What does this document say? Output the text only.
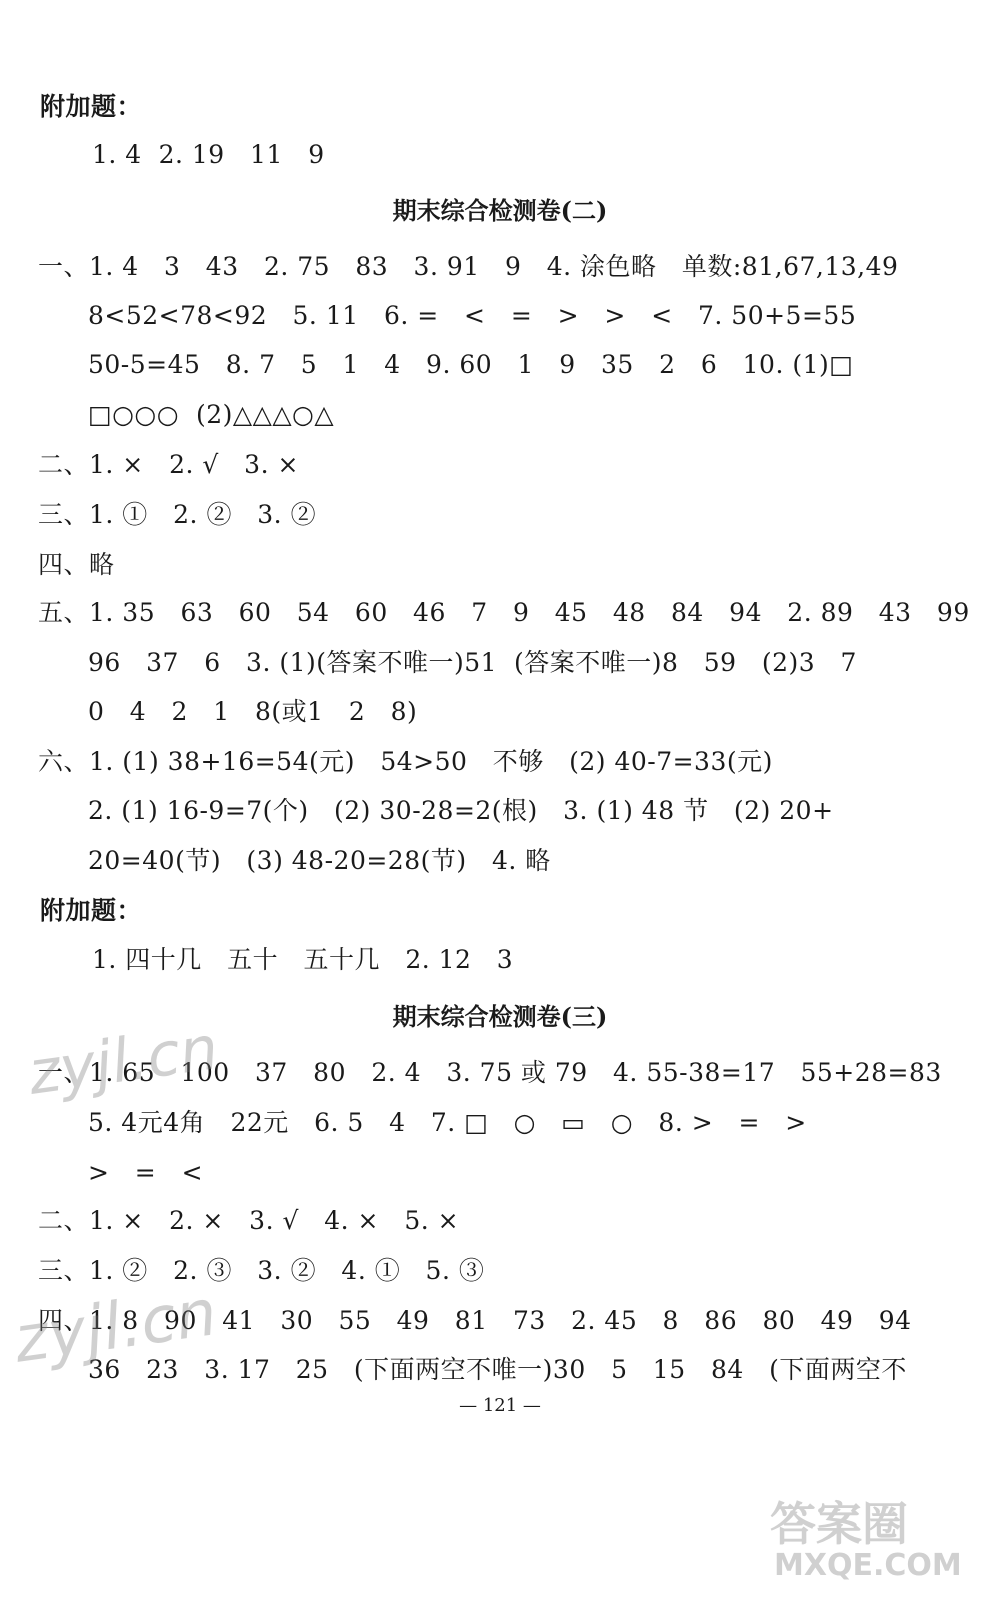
附加题：
1. 4  2. 19   11   9
期末综合检测卷(二)
一、1. 4   3   43   2. 75   83   3. 91   9   4. 涂色略   单数:81,67,13,49
8<52<78<92   5. 11   6. =   <   =   >   >   <   7. 50+5=55
50-5=45   8. 7   5   1   4   9. 60   1   9   35   2   6   10. (1)□
□○○○  (2)△△△○△
二、1. ×   2. √   3. ×
三、1. ①   2. ②   3. ②
四、略
五、1. 35   63   60   54   60   46   7   9   45   48   84   94   2. 89   43   99
96   37   6   3. (1)(答案不唯一)51  (答案不唯一)8   59   (2)3   7
0   4   2   1   8(或1   2   8)
六、1. (1) 38+16=54(元)   54>50   不够   (2) 40-7=33(元)
2. (1) 16-9=7(个)   (2) 30-28=2(根)   3. (1) 48 节   (2) 20+
20=40(节)   (3) 48-20=28(节)   4. 略
附加题：
1. 四十几   五十   五十几   2. 12   3
期末综合检测卷(三)
一、1. 65   100   37   80   2. 4   3. 75 或 79   4. 55-38=17   55+28=83
5. 4元4角   22元   6. 5   4   7. □   ○   ▭   ○   8. >   =   >
>   =   <
二、1. ×   2. ×   3. √   4. ×   5. ×
三、1. ②   2. ③   3. ②   4. ①   5. ③
四、1. 8   90   41   30   55   49   81   73   2. 45   8   86   80   49   94
36   23   3. 17   25   (下面两空不唯一)30   5   15   84   (下面两空不
— 121 —
zyjl.cn
zyjl.cn
答案圈
MXQE.COM
